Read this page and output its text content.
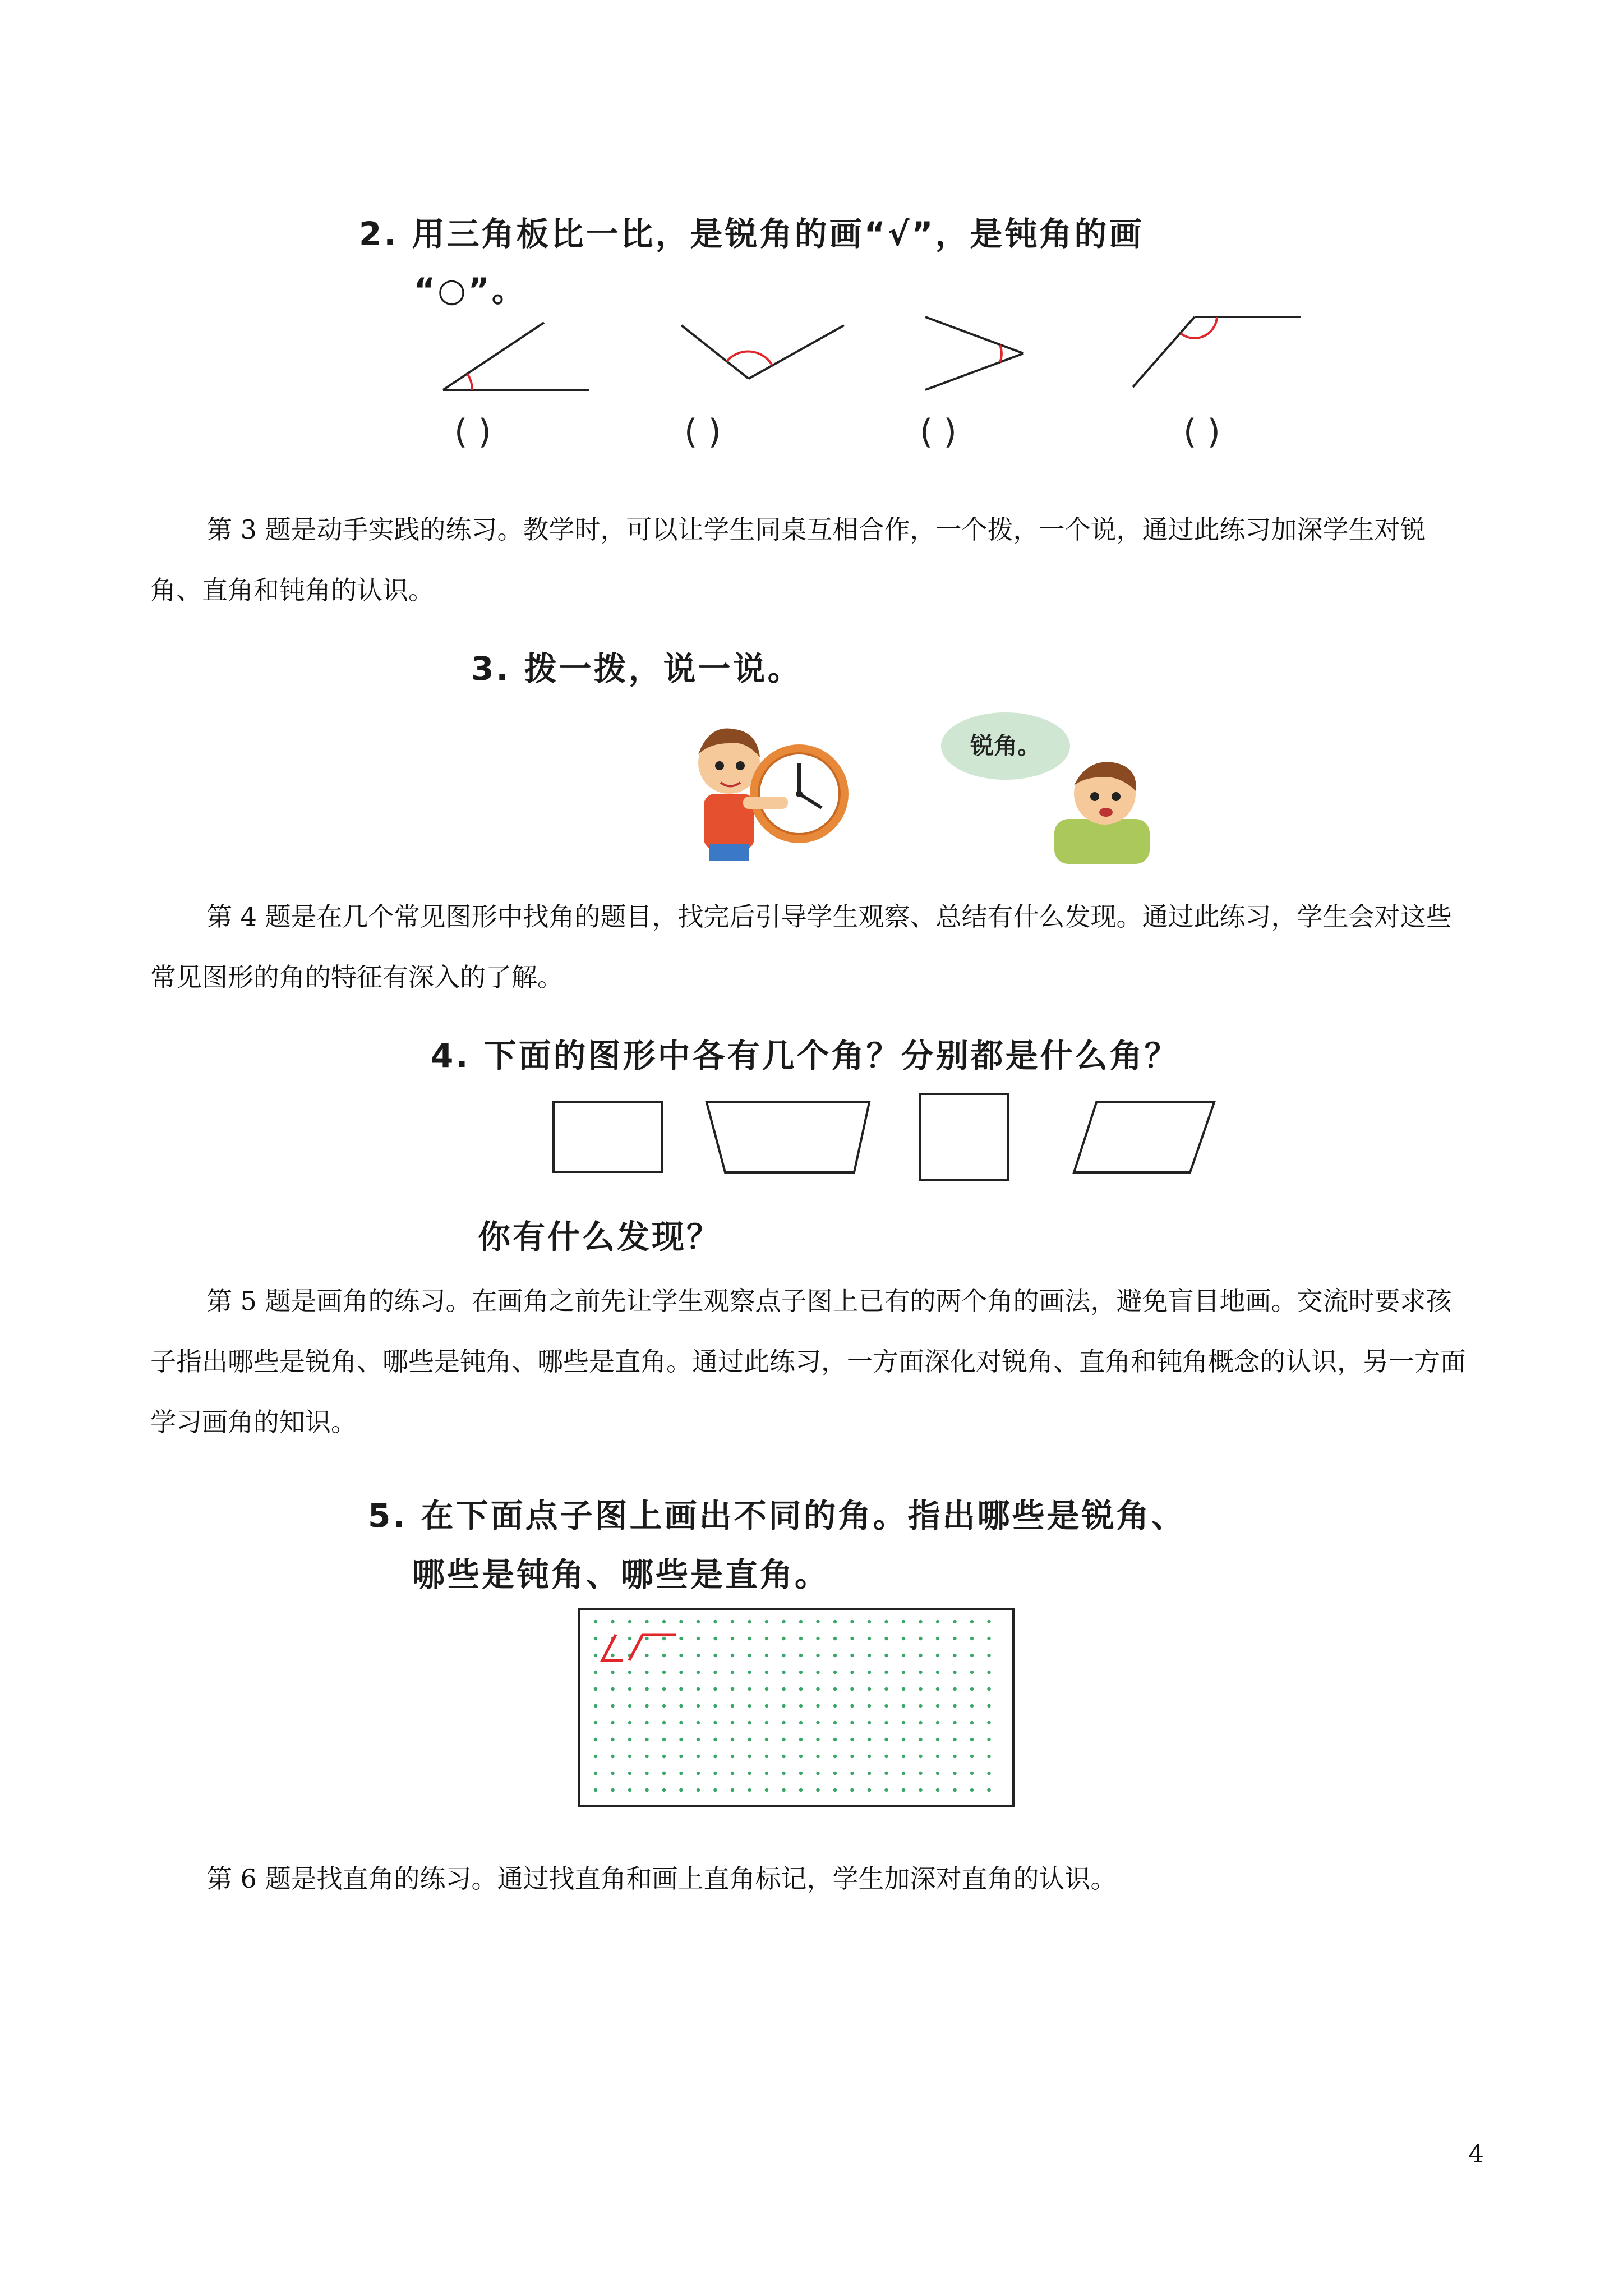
2. 用三角板比一比，是锐角的画“√”，是钝角的画
“○”。
( )	( )	( )	( )
第 3 题是动手实践的练习。教学时，可以让学生同桌互相合作，一个拨，一个说，通过此练习加深学生对锐角、直角和钝角的认识。
3. 拨一拨，说一说。
锐角。
第 4 题是在几个常见图形中找角的题目，找完后引导学生观察、总结有什么发现。通过此练习，学生会对这些常见图形的角的特征有深入的了解。
4. 下面的图形中各有几个角？分别都是什么角？
你有什么发现？
第 5 题是画角的练习。在画角之前先让学生观察点子图上已有的两个角的画法，避免盲目地画。交流时要求孩子指出哪些是锐角、哪些是钝角、哪些是直角。通过此练习，一方面深化对锐角、直角和钝角概念的认识，另一方面学习画角的知识。
5. 在下面点子图上画出不同的角。指出哪些是锐角、
哪些是钝角、哪些是直角。
第 6 题是找直角的练习。通过找直角和画上直角标记，学生加深对直角的认识。
4
